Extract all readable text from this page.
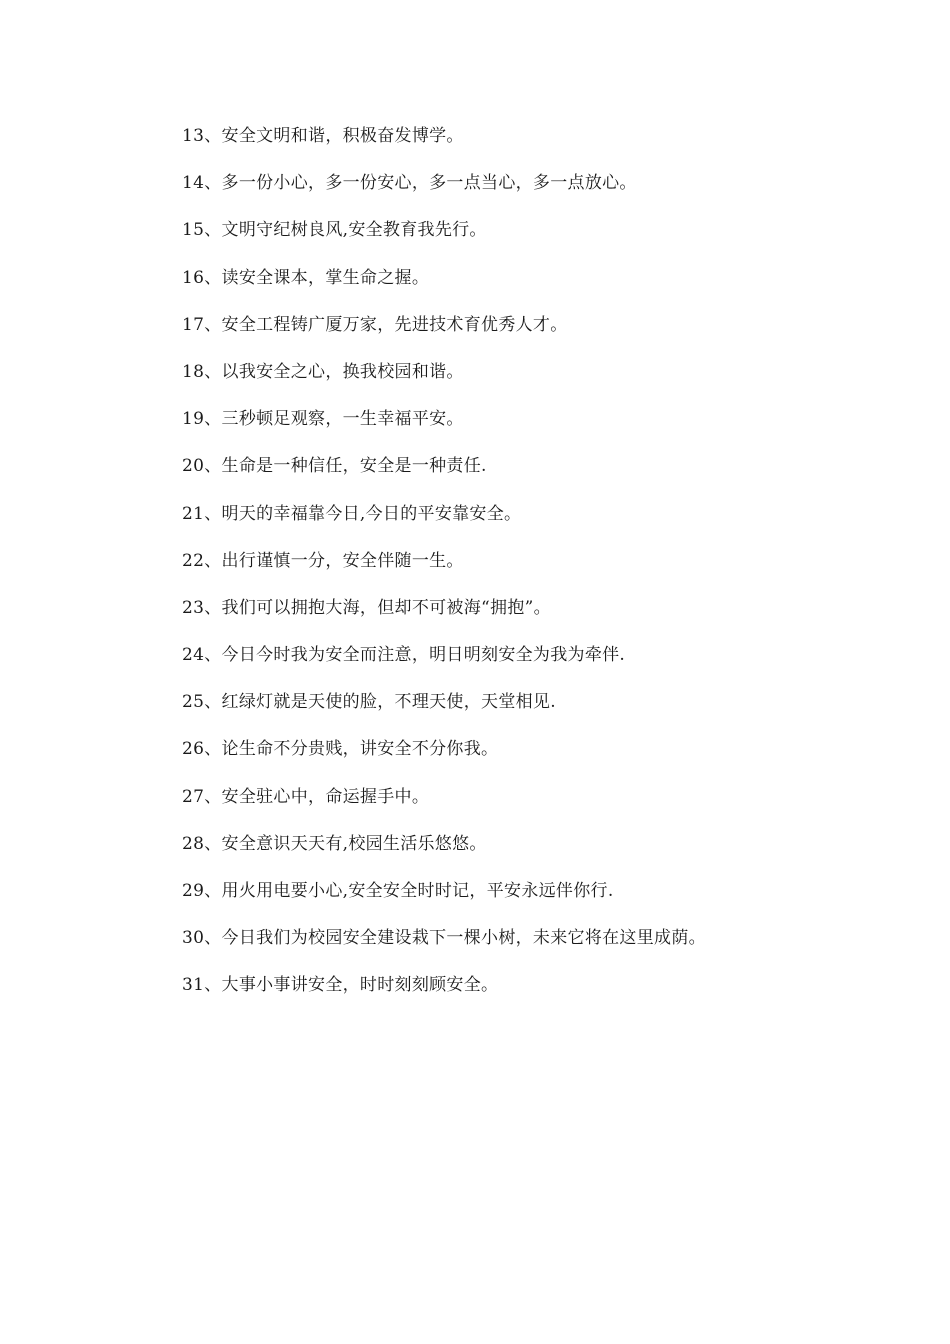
13、安全文明和谐，积极奋发博学。
14、多一份小心，多一份安心，多一点当心，多一点放心。
15、文明守纪树良风,安全教育我先行。
16、读安全课本，掌生命之握。
17、安全工程铸广厦万家，先进技术育优秀人才。
18、以我安全之心，换我校园和谐。
19、三秒顿足观察，一生幸福平安。
20、生命是一种信任，安全是一种责任.
21、明天的幸福靠今日,今日的平安靠安全。
22、出行谨慎一分，安全伴随一生。
23、我们可以拥抱大海，但却不可被海“拥抱”。
24、今日今时我为安全而注意，明日明刻安全为我为牵伴.
25、红绿灯就是天使的脸，不理天使，天堂相见.
26、论生命不分贵贱，讲安全不分你我。
27、安全驻心中，命运握手中。
28、安全意识天天有,校园生活乐悠悠。
29、用火用电要小心,安全安全时时记，平安永远伴你行.
30、今日我们为校园安全建设栽下一棵小树，未来它将在这里成荫。
31、大事小事讲安全，时时刻刻顾安全。
